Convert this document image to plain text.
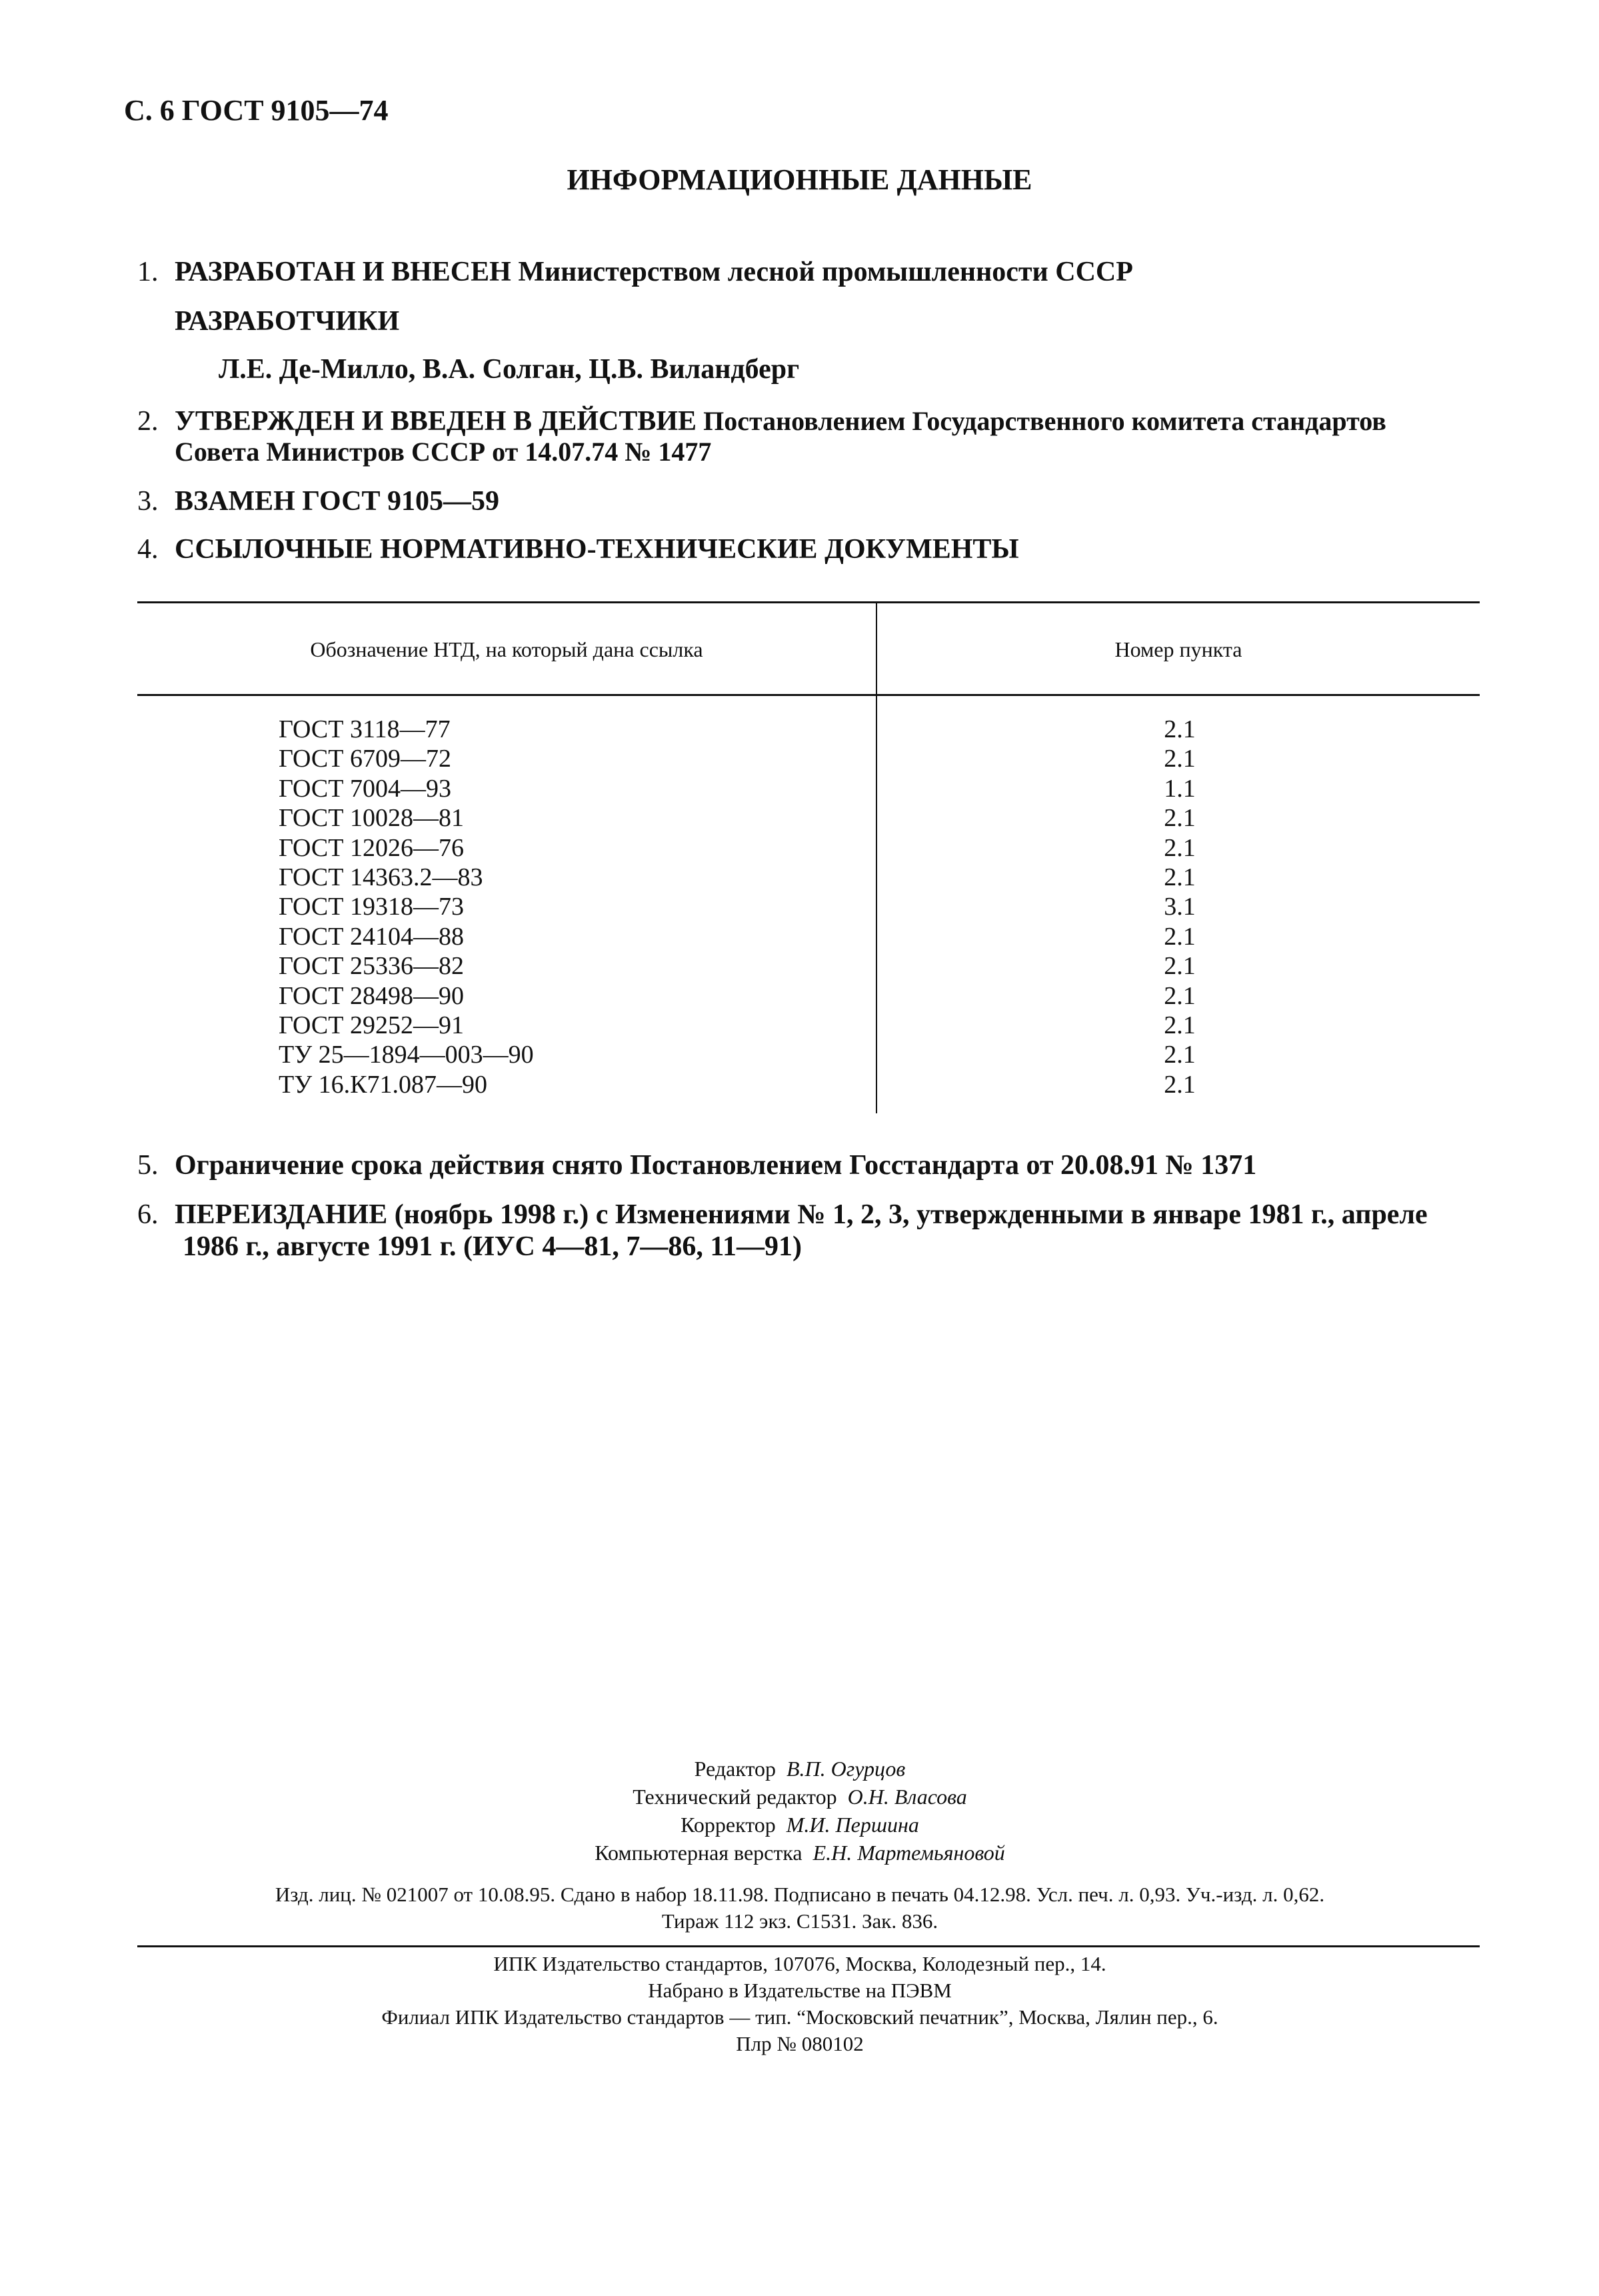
С. 6 ГОСТ 9105—74
ИНФОРМАЦИОННЫЕ ДАННЫЕ
1. РАЗРАБОТАН И ВНЕСЕН Министерством лесной промышленности СССР
РАЗРАБОТЧИКИ
Л.Е. Де-Милло, В.А. Солган, Ц.В. Виландберг
2. УТВЕРЖДЕН И ВВЕДЕН В ДЕЙСТВИЕ Постановлением Государственного комитета стандартов
Совета Министров СССР от 14.07.74 № 1477
3. ВЗАМЕН ГОСТ 9105—59
4. ССЫЛОЧНЫЕ НОРМАТИВНО-ТЕХНИЧЕСКИЕ ДОКУМЕНТЫ
Обозначение НТД, на который дана ссылка	Номер пункта
ГОСТ 3118—77
ГОСТ 6709—72
ГОСТ 7004—93
ГОСТ 10028—81
ГОСТ 12026—76
ГОСТ 14363.2—83
ГОСТ 19318—73
ГОСТ 24104—88
ГОСТ 25336—82
ГОСТ 28498—90
ГОСТ 29252—91
ТУ 25—1894—003—90
ТУ 16.К71.087—90
2.1
2.1
1.1
2.1
2.1
2.1
3.1
2.1
2.1
2.1
2.1
2.1
2.1
5. Ограничение срока действия снято Постановлением Госстандарта от 20.08.91 № 1371
6. ПЕРЕИЗДАНИЕ (ноябрь 1998 г.) с Изменениями № 1, 2, 3, утвержденными в январе 1981 г., апреле
1986 г., августе 1991 г. (ИУС 4—81, 7—86, 11—91)
Редактор В.П. Огурцов
Технический редактор О.Н. Власова
Корректор М.И. Першина
Компьютерная верстка Е.Н. Мартемьяновой
Изд. лиц. № 021007 от 10.08.95. Сдано в набор 18.11.98. Подписано в печать 04.12.98. Усл. печ. л. 0,93. Уч.-изд. л. 0,62.
Тираж 112 экз. С1531. Зак. 836.
ИПК Издательство стандартов, 107076, Москва, Колодезный пер., 14.
Набрано в Издательстве на ПЭВМ
Филиал ИПК Издательство стандартов — тип. “Московский печатник”, Москва, Лялин пер., 6.
Плр № 080102
